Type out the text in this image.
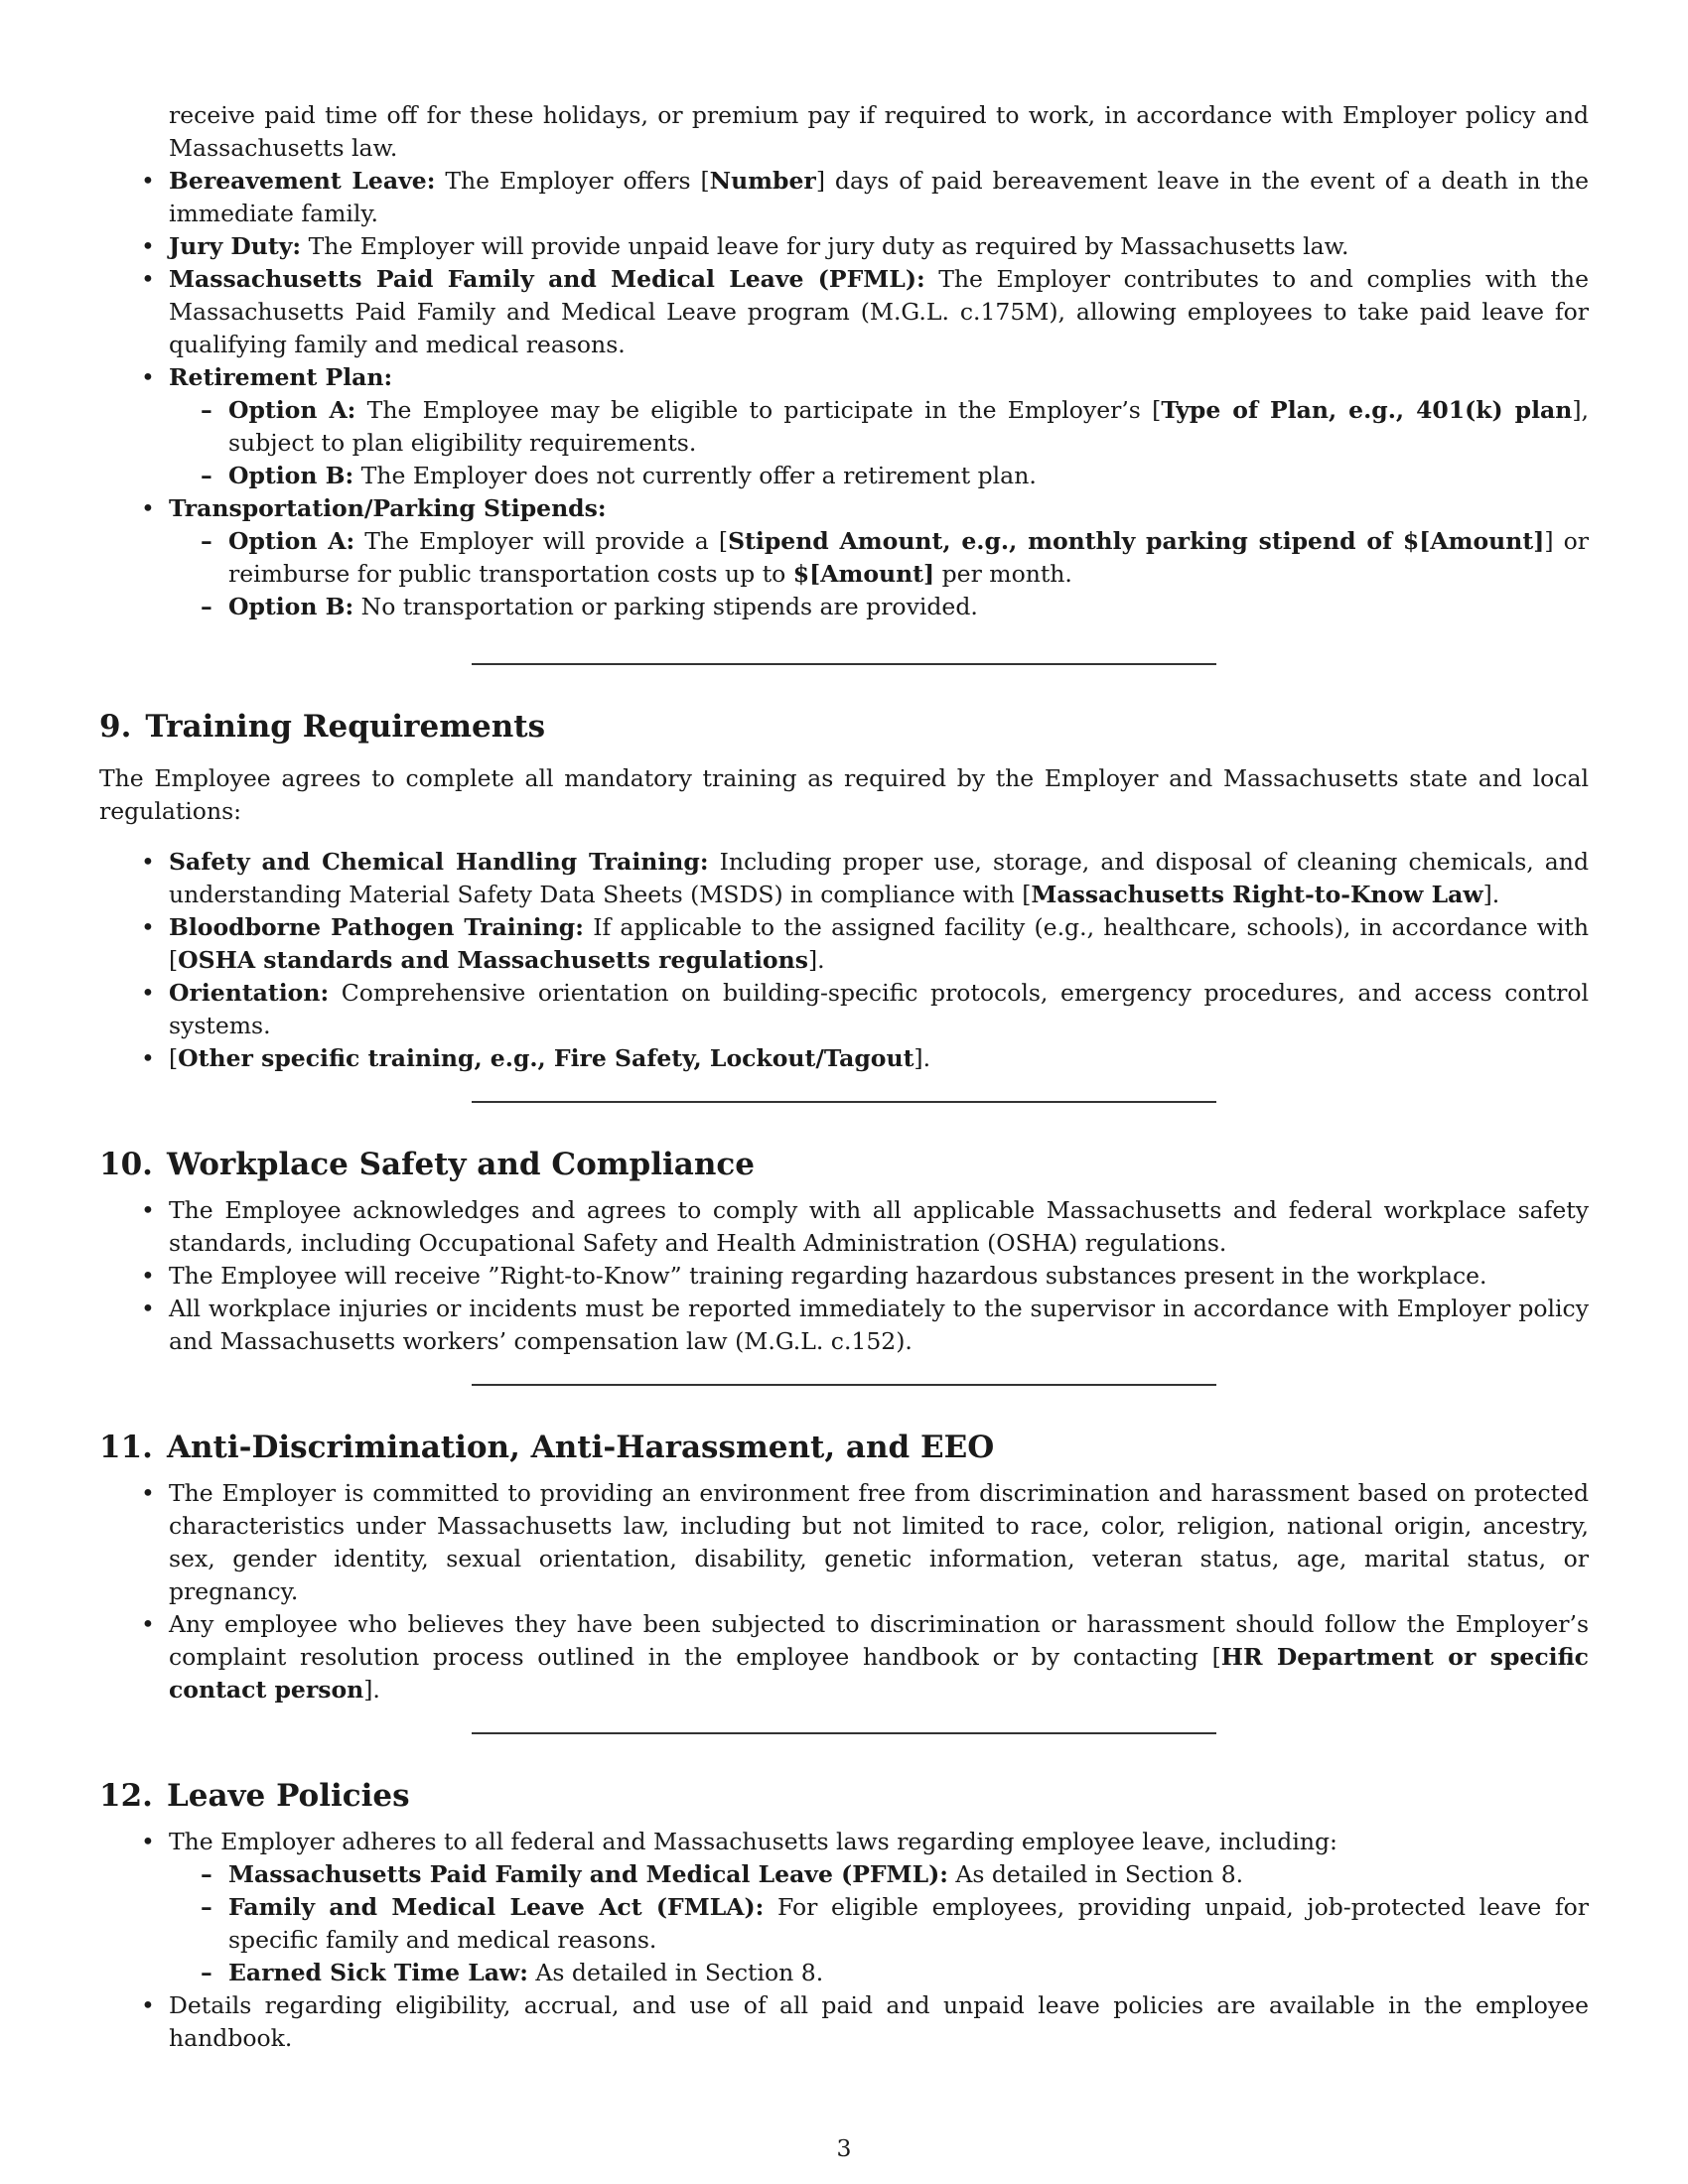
receive paid time off for these holidays, or premium pay if required to work, in accordance with Employer policy and Massachusetts law.

• Bereavement Leave: The Employer offers [Number] days of paid bereavement leave in the event of a death in the immediate family.
• Jury Duty: The Employer will provide unpaid leave for jury duty as required by Massachusetts law.
• Massachusetts Paid Family and Medical Leave (PFML): The Employer contributes to and complies with the Massachusetts Paid Family and Medical Leave program (M.G.L. c.175M), allowing employees to take paid leave for qualifying family and medical reasons.
• Retirement Plan:
– Option A: The Employee may be eligible to participate in the Employer’s [Type of Plan, e.g., 401(k) plan], subject to plan eligibility requirements.
– Option B: The Employer does not currently offer a retirement plan.
• Transportation/Parking Stipends:
– Option A: The Employer will provide a [Stipend Amount, e.g., monthly parking stipend of $[Amount]] or reimburse for public transportation costs up to $[Amount] per month.
– Option B: No transportation or parking stipends are provided.
9. Training Requirements

The Employee agrees to complete all mandatory training as required by the Employer and Massachusetts state and local regulations:

• Safety and Chemical Handling Training: Including proper use, storage, and disposal of cleaning chemicals, and understanding Material Safety Data Sheets (MSDS) in compliance with [Massachusetts Right-to-Know Law].
• Bloodborne Pathogen Training: If applicable to the assigned facility (e.g., healthcare, schools), in accordance with [OSHA standards and Massachusetts regulations].
• Orientation: Comprehensive orientation on building-specific protocols, emergency procedures, and access control systems.
• [Other specific training, e.g., Fire Safety, Lockout/Tagout].
10. Workplace Safety and Compliance
• The Employee acknowledges and agrees to comply with all applicable Massachusetts and federal workplace safety standards, including Occupational Safety and Health Administration (OSHA) regulations.
• The Employee will receive ”Right-to-Know” training regarding hazardous substances present in the workplace.
• All workplace injuries or incidents must be reported immediately to the supervisor in accordance with Employer policy and Massachusetts workers’ compensation law (M.G.L. c.152).
11. Anti-Discrimination, Anti-Harassment, and EEO
• The Employer is committed to providing an environment free from discrimination and harassment based on protected characteristics under Massachusetts law, including but not limited to race, color, religion, national origin, ancestry, sex, gender identity, sexual orientation, disability, genetic information, veteran status, age, marital status, or pregnancy.
• Any employee who believes they have been subjected to discrimination or harassment should follow the Employer’s complaint resolution process outlined in the employee handbook or by contacting [HR Department or specific contact person].
12. Leave Policies
• The Employer adheres to all federal and Massachusetts laws regarding employee leave, including:
– Massachusetts Paid Family and Medical Leave (PFML): As detailed in Section 8.
– Family and Medical Leave Act (FMLA): For eligible employees, providing unpaid, job-protected leave for specific family and medical reasons.
– Earned Sick Time Law: As detailed in Section 8.
• Details regarding eligibility, accrual, and use of all paid and unpaid leave policies are available in the employee handbook.
3
